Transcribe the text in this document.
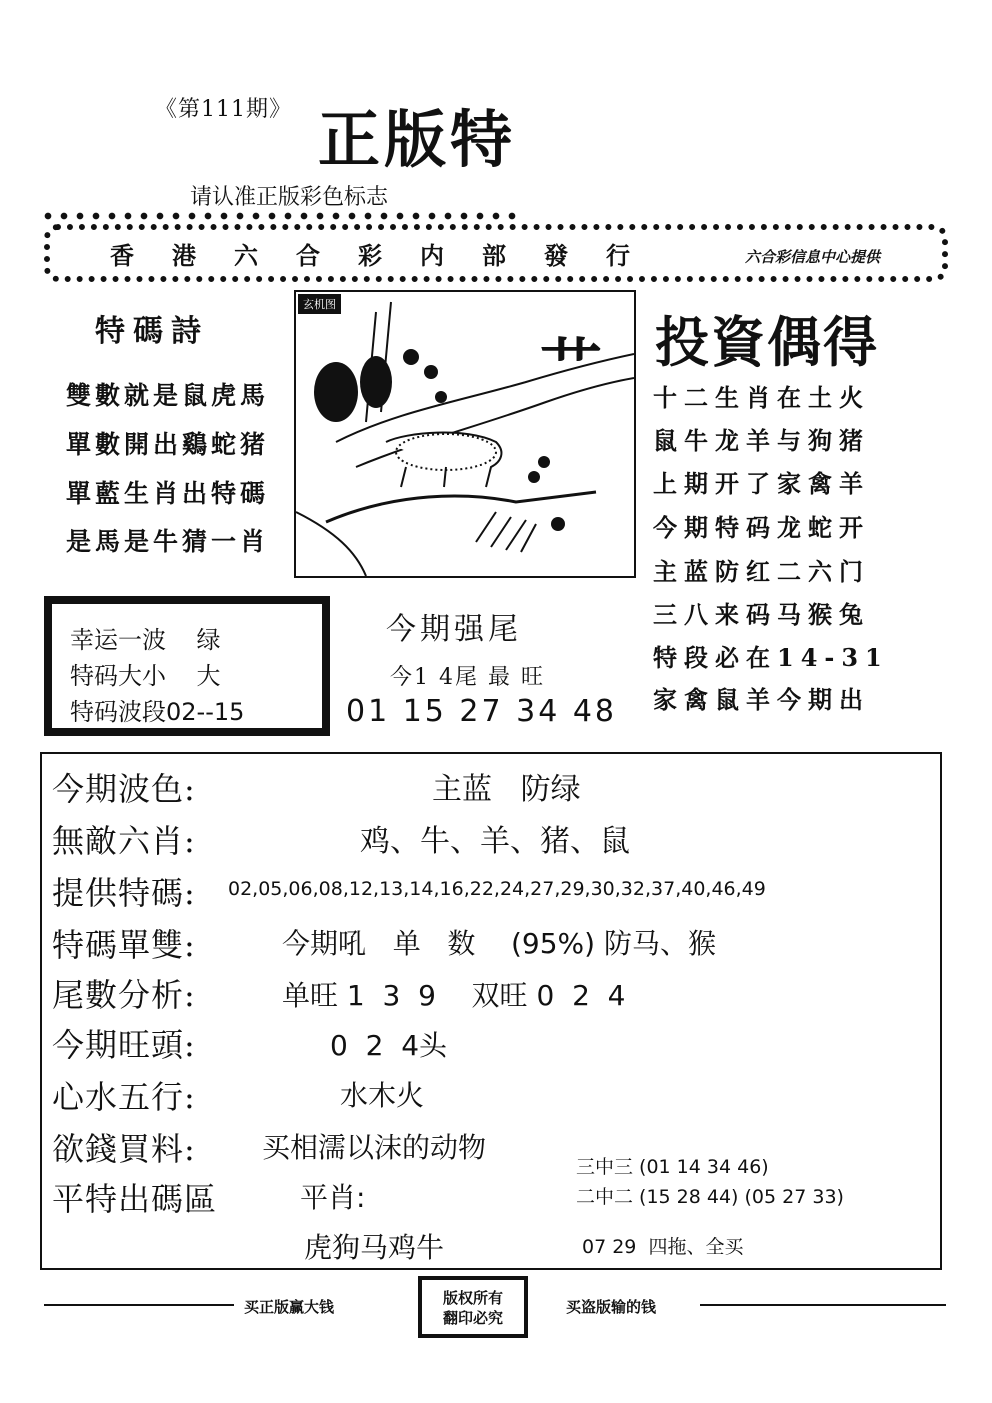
《第111期》 正版特
请认准正版彩色标志
香港六合彩内部發行	六合彩信息中心提供
特碼詩
雙數就是鼠虎馬
單數開出鷄蛇猪
單藍生肖出特碼
是馬是牛猜一肖
玄机图
艹 投資偶得
十二生肖在土火
鼠牛龙羊与狗猪
上期开了家禽羊
今期特码龙蛇开
主蓝防红二六门
三八来码马猴兔
特段必在14-31
家禽鼠羊今期出
幸运一波    绿
特码大小    大
特码波段02--15
今期强尾
今1 4尾 最 旺
01 15 27 34 48
今期波色:	主蓝   防绿
無敵六肖:	鸡、牛、羊、猪、鼠
提供特碼: 02,05,06,08,12,13,14,16,22,24,27,29,30,32,37,40,46,49
特碼單雙:	今期吼   单   数    (95%) 防马、猴
尾數分析:	单旺 1  3  9    双旺 0  2  4
今期旺頭:	0  2  4头
心水五行:	水木火
欲錢買料: 买相濡以沫的动物
平特出碼區	平肖:
虎狗马鸡牛
三中三 (01 14 34 46)
二中二 (15 28 44) (05 27 33)
07 29  四拖、全买
买正版赢大钱	版权所有
翻印必究
买盗版输的钱
